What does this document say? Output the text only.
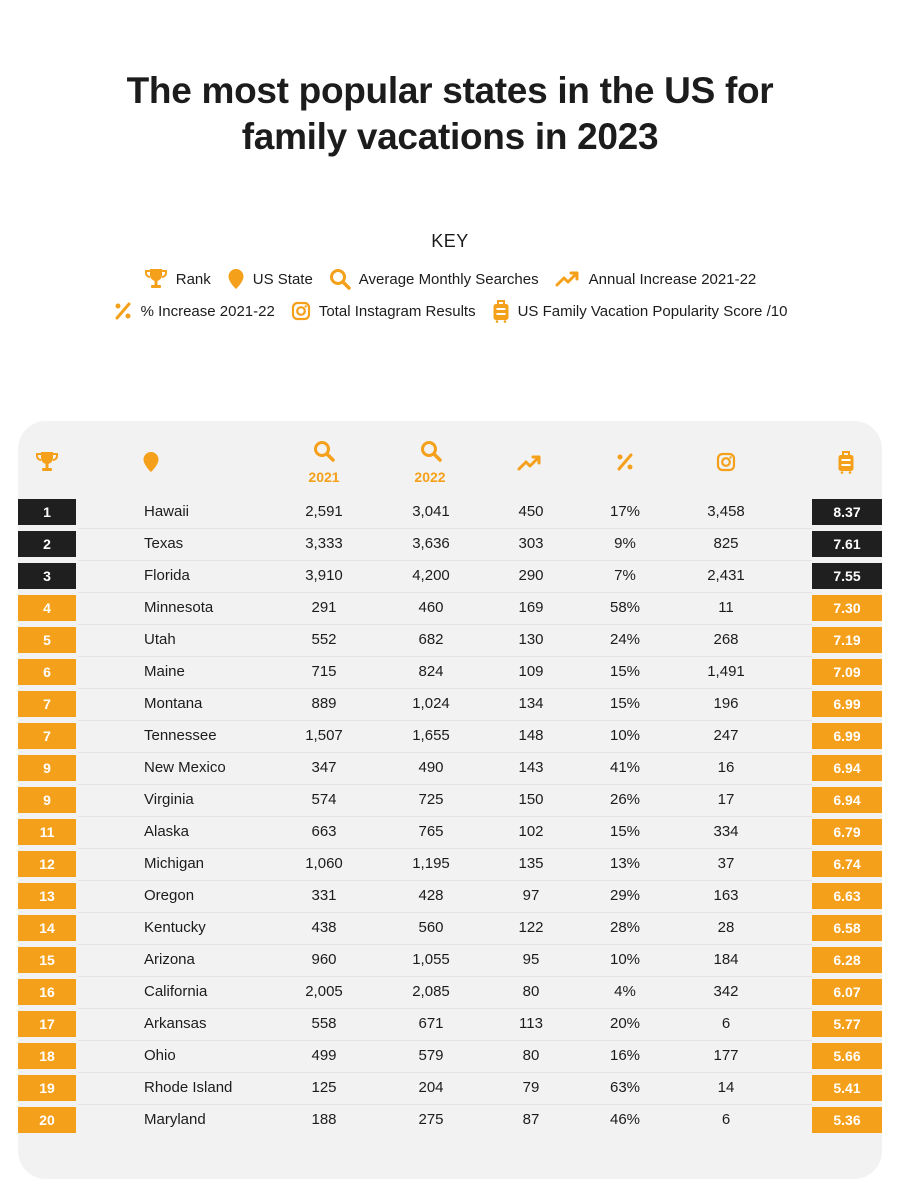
The most popular states in the US for
family vacations in 2023
KEY
Rank	US State	Average Monthly Searches	Annual Increase 2021-22
% Increase 2021-22	Total Instagram Results	US Family Vacation Popularity Score /10
2021	2022
1	Hawaii	2,591	3,041	450	17%	3,458	8.37
2	Texas	3,333	3,636	303	9%	825	7.61
3	Florida	3,910	4,200	290	7%	2,431	7.55
4	Minnesota	291	460	169	58%	11	7.30
5	Utah	552	682	130	24%	268	7.19
6	Maine	715	824	109	15%	1,491	7.09
7	Montana	889	1,024	134	15%	196	6.99
7	Tennessee	1,507	1,655	148	10%	247	6.99
9	New Mexico	347	490	143	41%	16	6.94
9	Virginia	574	725	150	26%	17	6.94
11	Alaska	663	765	102	15%	334	6.79
12	Michigan	1,060	1,195	135	13%	37	6.74
13	Oregon	331	428	97	29%	163	6.63
14	Kentucky	438	560	122	28%	28	6.58
15	Arizona	960	1,055	95	10%	184	6.28
16	California	2,005	2,085	80	4%	342	6.07
17	Arkansas	558	671	113	20%	6	5.77
18	Ohio	499	579	80	16%	177	5.66
19	Rhode Island	125	204	79	63%	14	5.41
20	Maryland	188	275	87	46%	6	5.36
